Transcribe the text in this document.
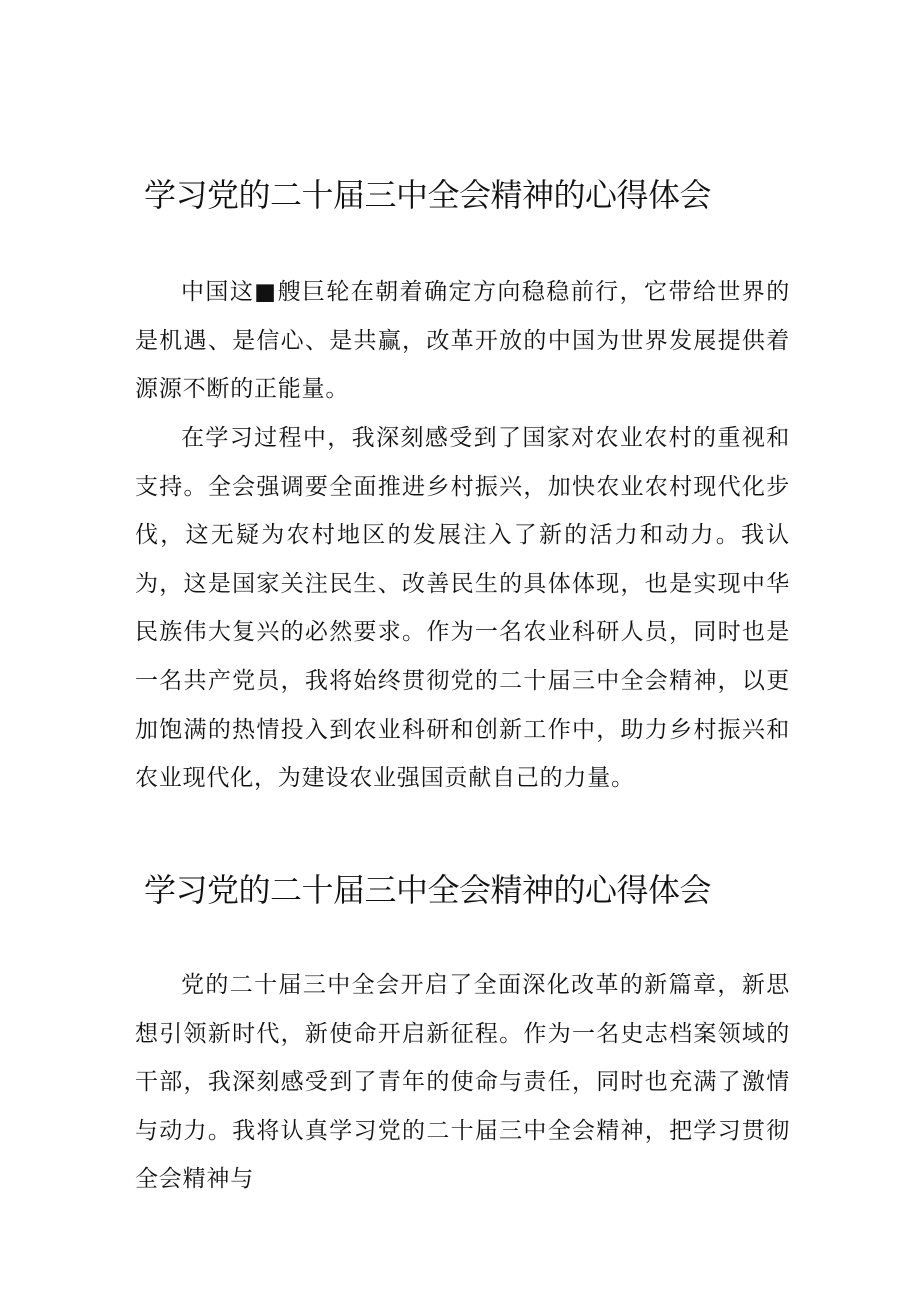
学习党的二十届三中全会精神的心得体会

中国这■艘巨轮在朝着确定方向稳稳前行，它带给世界的是机遇、是信心、是共赢，改革开放的中国为世界发展提供着源源不断的正能量。

在学习过程中，我深刻感受到了国家对农业农村的重视和支持。全会强调要全面推进乡村振兴，加快农业农村现代化步伐，这无疑为农村地区的发展注入了新的活力和动力。我认为，这是国家关注民生、改善民生的具体体现，也是实现中华民族伟大复兴的必然要求。作为一名农业科研人员，同时也是一名共产党员，我将始终贯彻党的二十届三中全会精神，以更加饱满的热情投入到农业科研和创新工作中，助力乡村振兴和农业现代化，为建设农业强国贡献自己的力量。

学习党的二十届三中全会精神的心得体会

党的二十届三中全会开启了全面深化改革的新篇章，新思想引领新时代，新使命开启新征程。作为一名史志档案领域的干部，我深刻感受到了青年的使命与责任，同时也充满了激情与动力。我将认真学习党的二十届三中全会精神，把学习贯彻全会精神与
